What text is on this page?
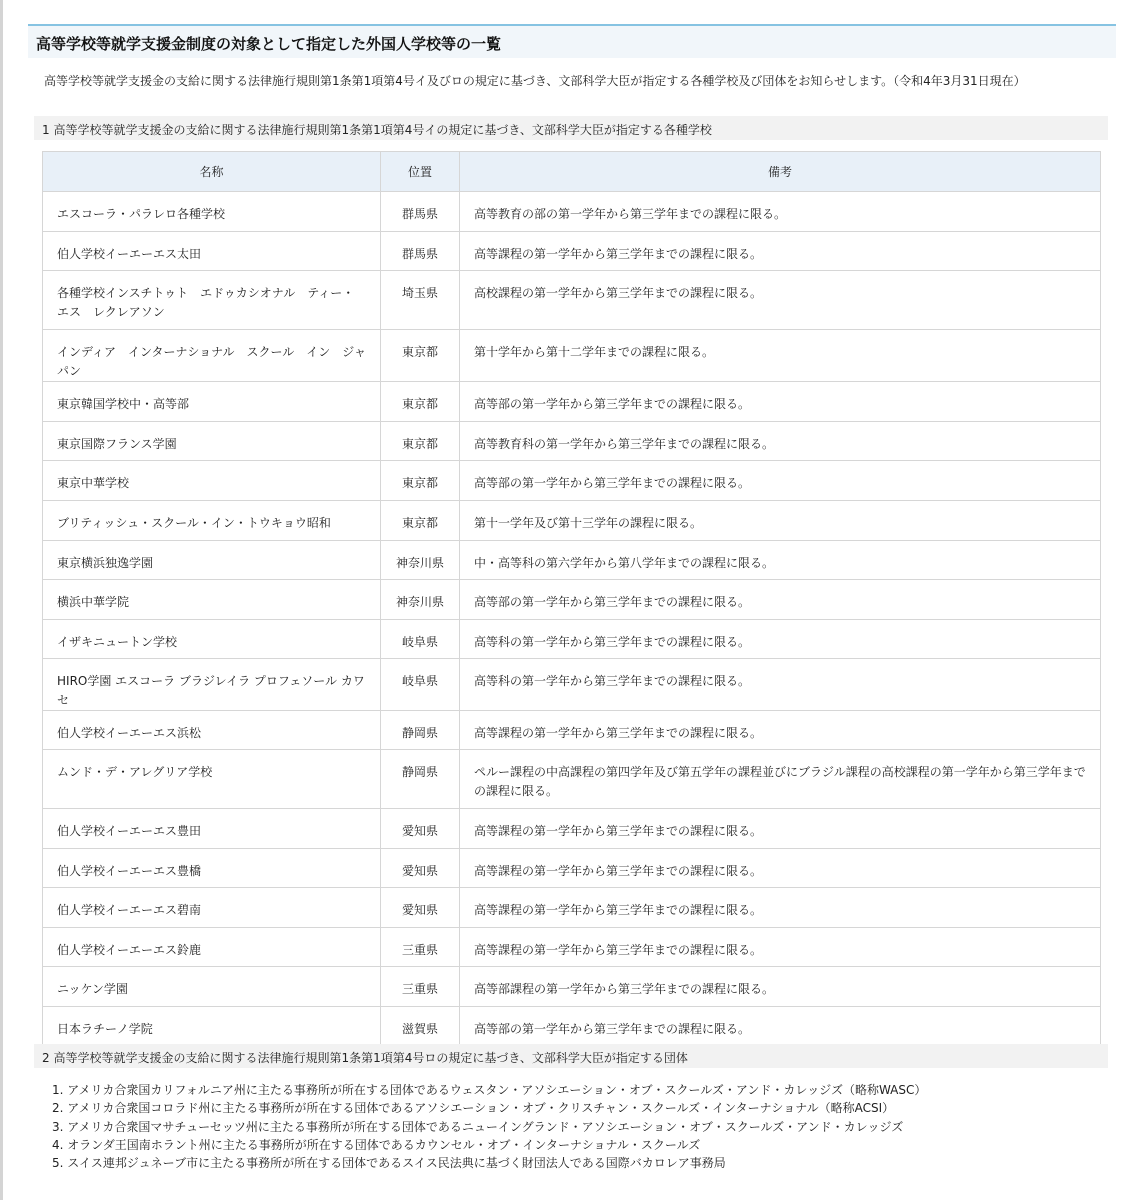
高等学校等就学支援金制度の対象として指定した外国人学校等の一覧
高等学校等就学支援金の支給に関する法律施行規則第1条第1項第4号イ及びロの規定に基づき、文部科学大臣が指定する各種学校及び団体をお知らせします。（令和4年3月31日現在）
1 高等学校等就学支援金の支給に関する法律施行規則第1条第1項第4号イの規定に基づき、文部科学大臣が指定する各種学校
名称	位置	備考
エスコーラ・パラレロ各種学校	群馬県	高等教育の部の第一学年から第三学年までの課程に限る。
伯人学校イーエーエス太田	群馬県	高等課程の第一学年から第三学年までの課程に限る。
各種学校インスチトゥト　エドゥカシオナル　ティー・エス　レクレアソン	埼玉県	高校課程の第一学年から第三学年までの課程に限る。
インディア　インターナショナル　スクール　イン　ジャパン	東京都	第十学年から第十二学年までの課程に限る。
東京韓国学校中・高等部	東京都	高等部の第一学年から第三学年までの課程に限る。
東京国際フランス学園	東京都	高等教育科の第一学年から第三学年までの課程に限る。
東京中華学校	東京都	高等部の第一学年から第三学年までの課程に限る。
ブリティッシュ・スクール・イン・トウキョウ昭和	東京都	第十一学年及び第十三学年の課程に限る。
東京横浜独逸学園	神奈川県	中・高等科の第六学年から第八学年までの課程に限る。
横浜中華学院	神奈川県	高等部の第一学年から第三学年までの課程に限る。
イザキニュートン学校	岐阜県	高等科の第一学年から第三学年までの課程に限る。
HIRO学園 エスコーラ ブラジレイラ プロフェソール カワセ	岐阜県	高等科の第一学年から第三学年までの課程に限る。
伯人学校イーエーエス浜松	静岡県	高等課程の第一学年から第三学年までの課程に限る。
ムンド・デ・アレグリア学校	静岡県	ペルー課程の中高課程の第四学年及び第五学年の課程並びにブラジル課程の高校課程の第一学年から第三学年までの課程に限る。
伯人学校イーエーエス豊田	愛知県	高等課程の第一学年から第三学年までの課程に限る。
伯人学校イーエーエス豊橋	愛知県	高等課程の第一学年から第三学年までの課程に限る。
伯人学校イーエーエス碧南	愛知県	高等課程の第一学年から第三学年までの課程に限る。
伯人学校イーエーエス鈴鹿	三重県	高等課程の第一学年から第三学年までの課程に限る。
ニッケン学園	三重県	高等部課程の第一学年から第三学年までの課程に限る。
日本ラチーノ学院	滋賀県	高等部の第一学年から第三学年までの課程に限る。
2 高等学校等就学支援金の支給に関する法律施行規則第1条第1項第4号ロの規定に基づき、文部科学大臣が指定する団体
1. アメリカ合衆国カリフォルニア州に主たる事務所が所在する団体であるウェスタン・アソシエーション・オブ・スクールズ・アンド・カレッジズ（略称WASC）
2. アメリカ合衆国コロラド州に主たる事務所が所在する団体であるアソシエーション・オブ・クリスチャン・スクールズ・インターナショナル（略称ACSI）
3. アメリカ合衆国マサチューセッツ州に主たる事務所が所在する団体であるニューイングランド・アソシエーション・オブ・スクールズ・アンド・カレッジズ
4. オランダ王国南ホラント州に主たる事務所が所在する団体であるカウンセル・オブ・インターナショナル・スクールズ
5. スイス連邦ジュネーブ市に主たる事務所が所在する団体であるスイス民法典に基づく財団法人である国際バカロレア事務局
